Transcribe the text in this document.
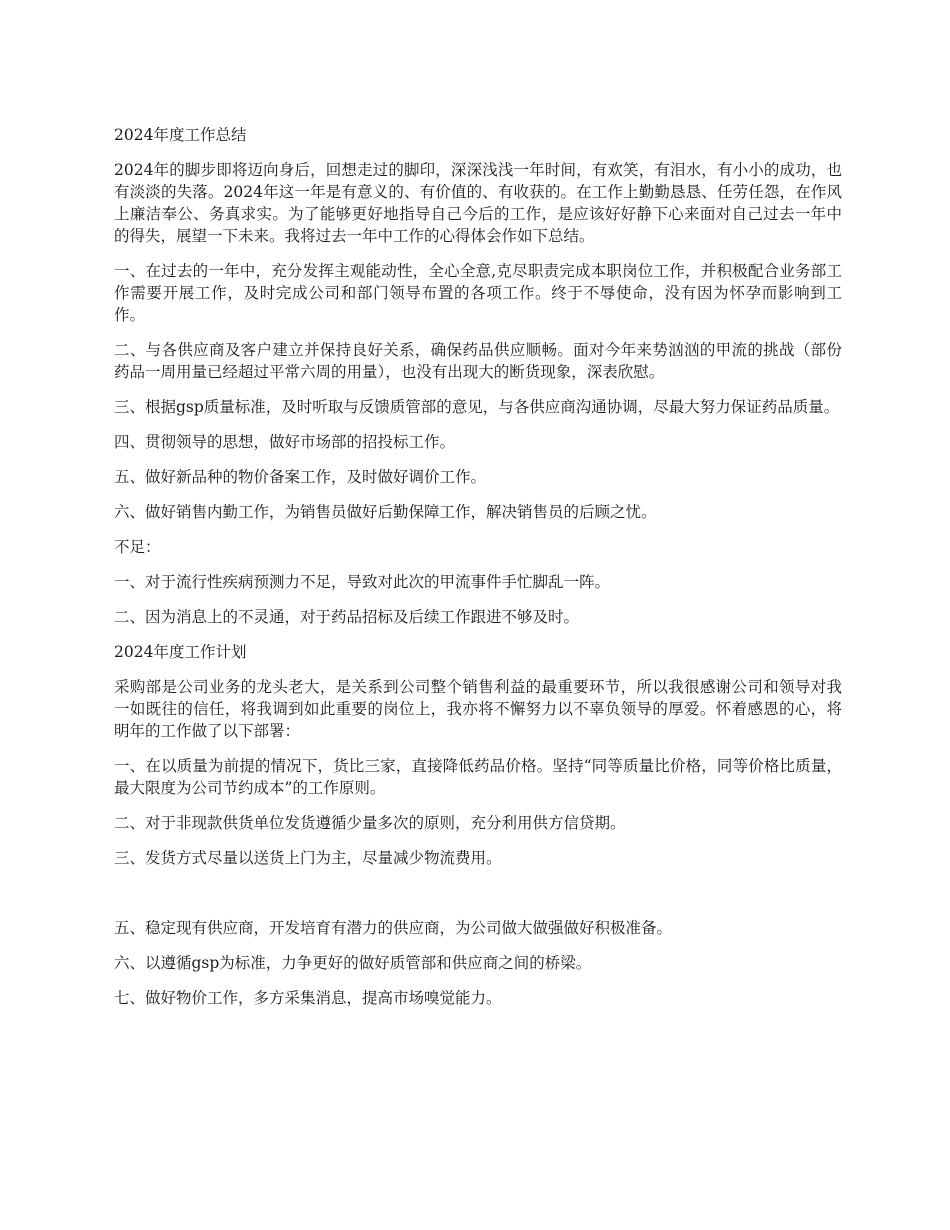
2024年度工作总结

2024年的脚步即将迈向身后，回想走过的脚印，深深浅浅一年时间，有欢笑，有泪水，有小小的成功，也有淡淡的失落。2024年这一年是有意义的、有价值的、有收获的。在工作上勤勤恳恳、任劳任怨，在作风上廉洁奉公、务真求实。为了能够更好地指导自己今后的工作，是应该好好静下心来面对自己过去一年中的得失，展望一下未来。我将过去一年中工作的心得体会作如下总结。

一、在过去的一年中，充分发挥主观能动性，全心全意,克尽职责完成本职岗位工作，并积极配合业务部工作需要开展工作，及时完成公司和部门领导布置的各项工作。终于不辱使命，没有因为怀孕而影响到工作。

二、与各供应商及客户建立并保持良好关系，确保药品供应顺畅。面对今年来势汹汹的甲流的挑战（部份药品一周用量已经超过平常六周的用量），也没有出现大的断货现象，深表欣慰。

三、根据gsp质量标准，及时听取与反馈质管部的意见，与各供应商沟通协调，尽最大努力保证药品质量。

四、贯彻领导的思想，做好市场部的招投标工作。

五、做好新品种的物价备案工作，及时做好调价工作。

六、做好销售内勤工作，为销售员做好后勤保障工作，解决销售员的后顾之忧。

不足：

一、对于流行性疾病预测力不足，导致对此次的甲流事件手忙脚乱一阵。

二、因为消息上的不灵通，对于药品招标及后续工作跟进不够及时。

2024年度工作计划

采购部是公司业务的龙头老大，是关系到公司整个销售利益的最重要环节，所以我很感谢公司和领导对我一如既往的信任，将我调到如此重要的岗位上，我亦将不懈努力以不辜负领导的厚爱。怀着感恩的心，将明年的工作做了以下部署：

一、在以质量为前提的情况下，货比三家，直接降低药品价格。坚持“同等质量比价格，同等价格比质量，最大限度为公司节约成本”的工作原则。

二、对于非现款供货单位发货遵循少量多次的原则，充分利用供方信贷期。

三、发货方式尽量以送货上门为主，尽量减少物流费用。

五、稳定现有供应商，开发培育有潜力的供应商，为公司做大做强做好积极准备。

六、以遵循gsp为标准，力争更好的做好质管部和供应商之间的桥梁。

七、做好物价工作，多方采集消息，提高市场嗅觉能力。
